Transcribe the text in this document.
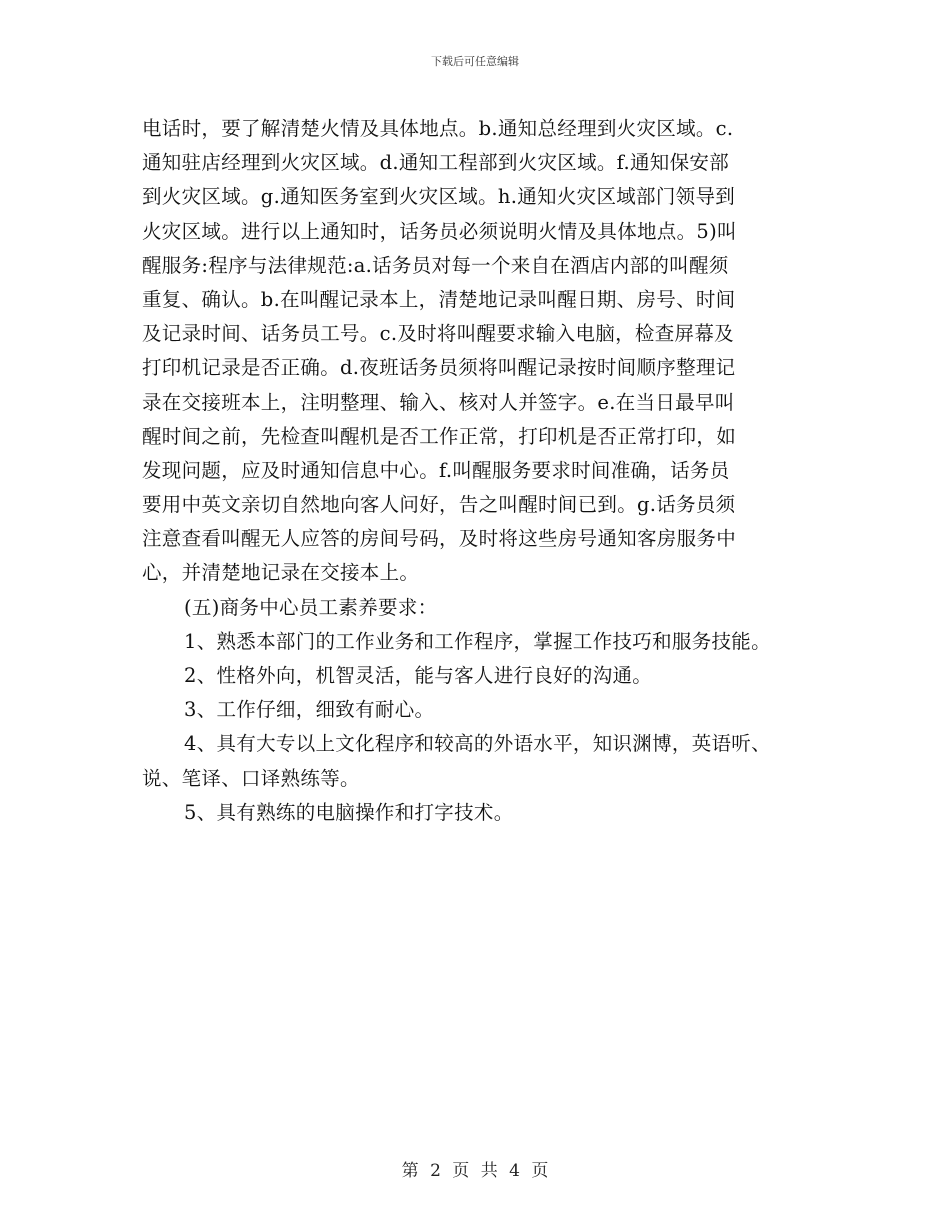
下载后可任意编辑
电话时，要了解清楚火情及具体地点。b.通知总经理到火灾区域。c.
通知驻店经理到火灾区域。d.通知工程部到火灾区域。f.通知保安部
到火灾区域。g.通知医务室到火灾区域。h.通知火灾区域部门领导到
火灾区域。进行以上通知时，话务员必须说明火情及具体地点。5)叫
醒服务:程序与法律规范:a.话务员对每一个来自在酒店内部的叫醒须
重复、确认。b.在叫醒记录本上，清楚地记录叫醒日期、房号、时间
及记录时间、话务员工号。c.及时将叫醒要求输入电脑，检查屏幕及
打印机记录是否正确。d.夜班话务员须将叫醒记录按时间顺序整理记
录在交接班本上，注明整理、输入、核对人并签字。e.在当日最早叫
醒时间之前，先检查叫醒机是否工作正常，打印机是否正常打印，如
发现问题，应及时通知信息中心。f.叫醒服务要求时间准确，话务员
要用中英文亲切自然地向客人问好，告之叫醒时间已到。g.话务员须
注意查看叫醒无人应答的房间号码，及时将这些房号通知客房服务中
心，并清楚地记录在交接本上。
(五)商务中心员工素养要求：
1、熟悉本部门的工作业务和工作程序，掌握工作技巧和服务技能。
2、性格外向，机智灵活，能与客人进行良好的沟通。
3、工作仔细，细致有耐心。
4、具有大专以上文化程序和较高的外语水平，知识渊博，英语听、
说、笔译、口译熟练等。
5、具有熟练的电脑操作和打字技术。
第 2 页 共 4 页
